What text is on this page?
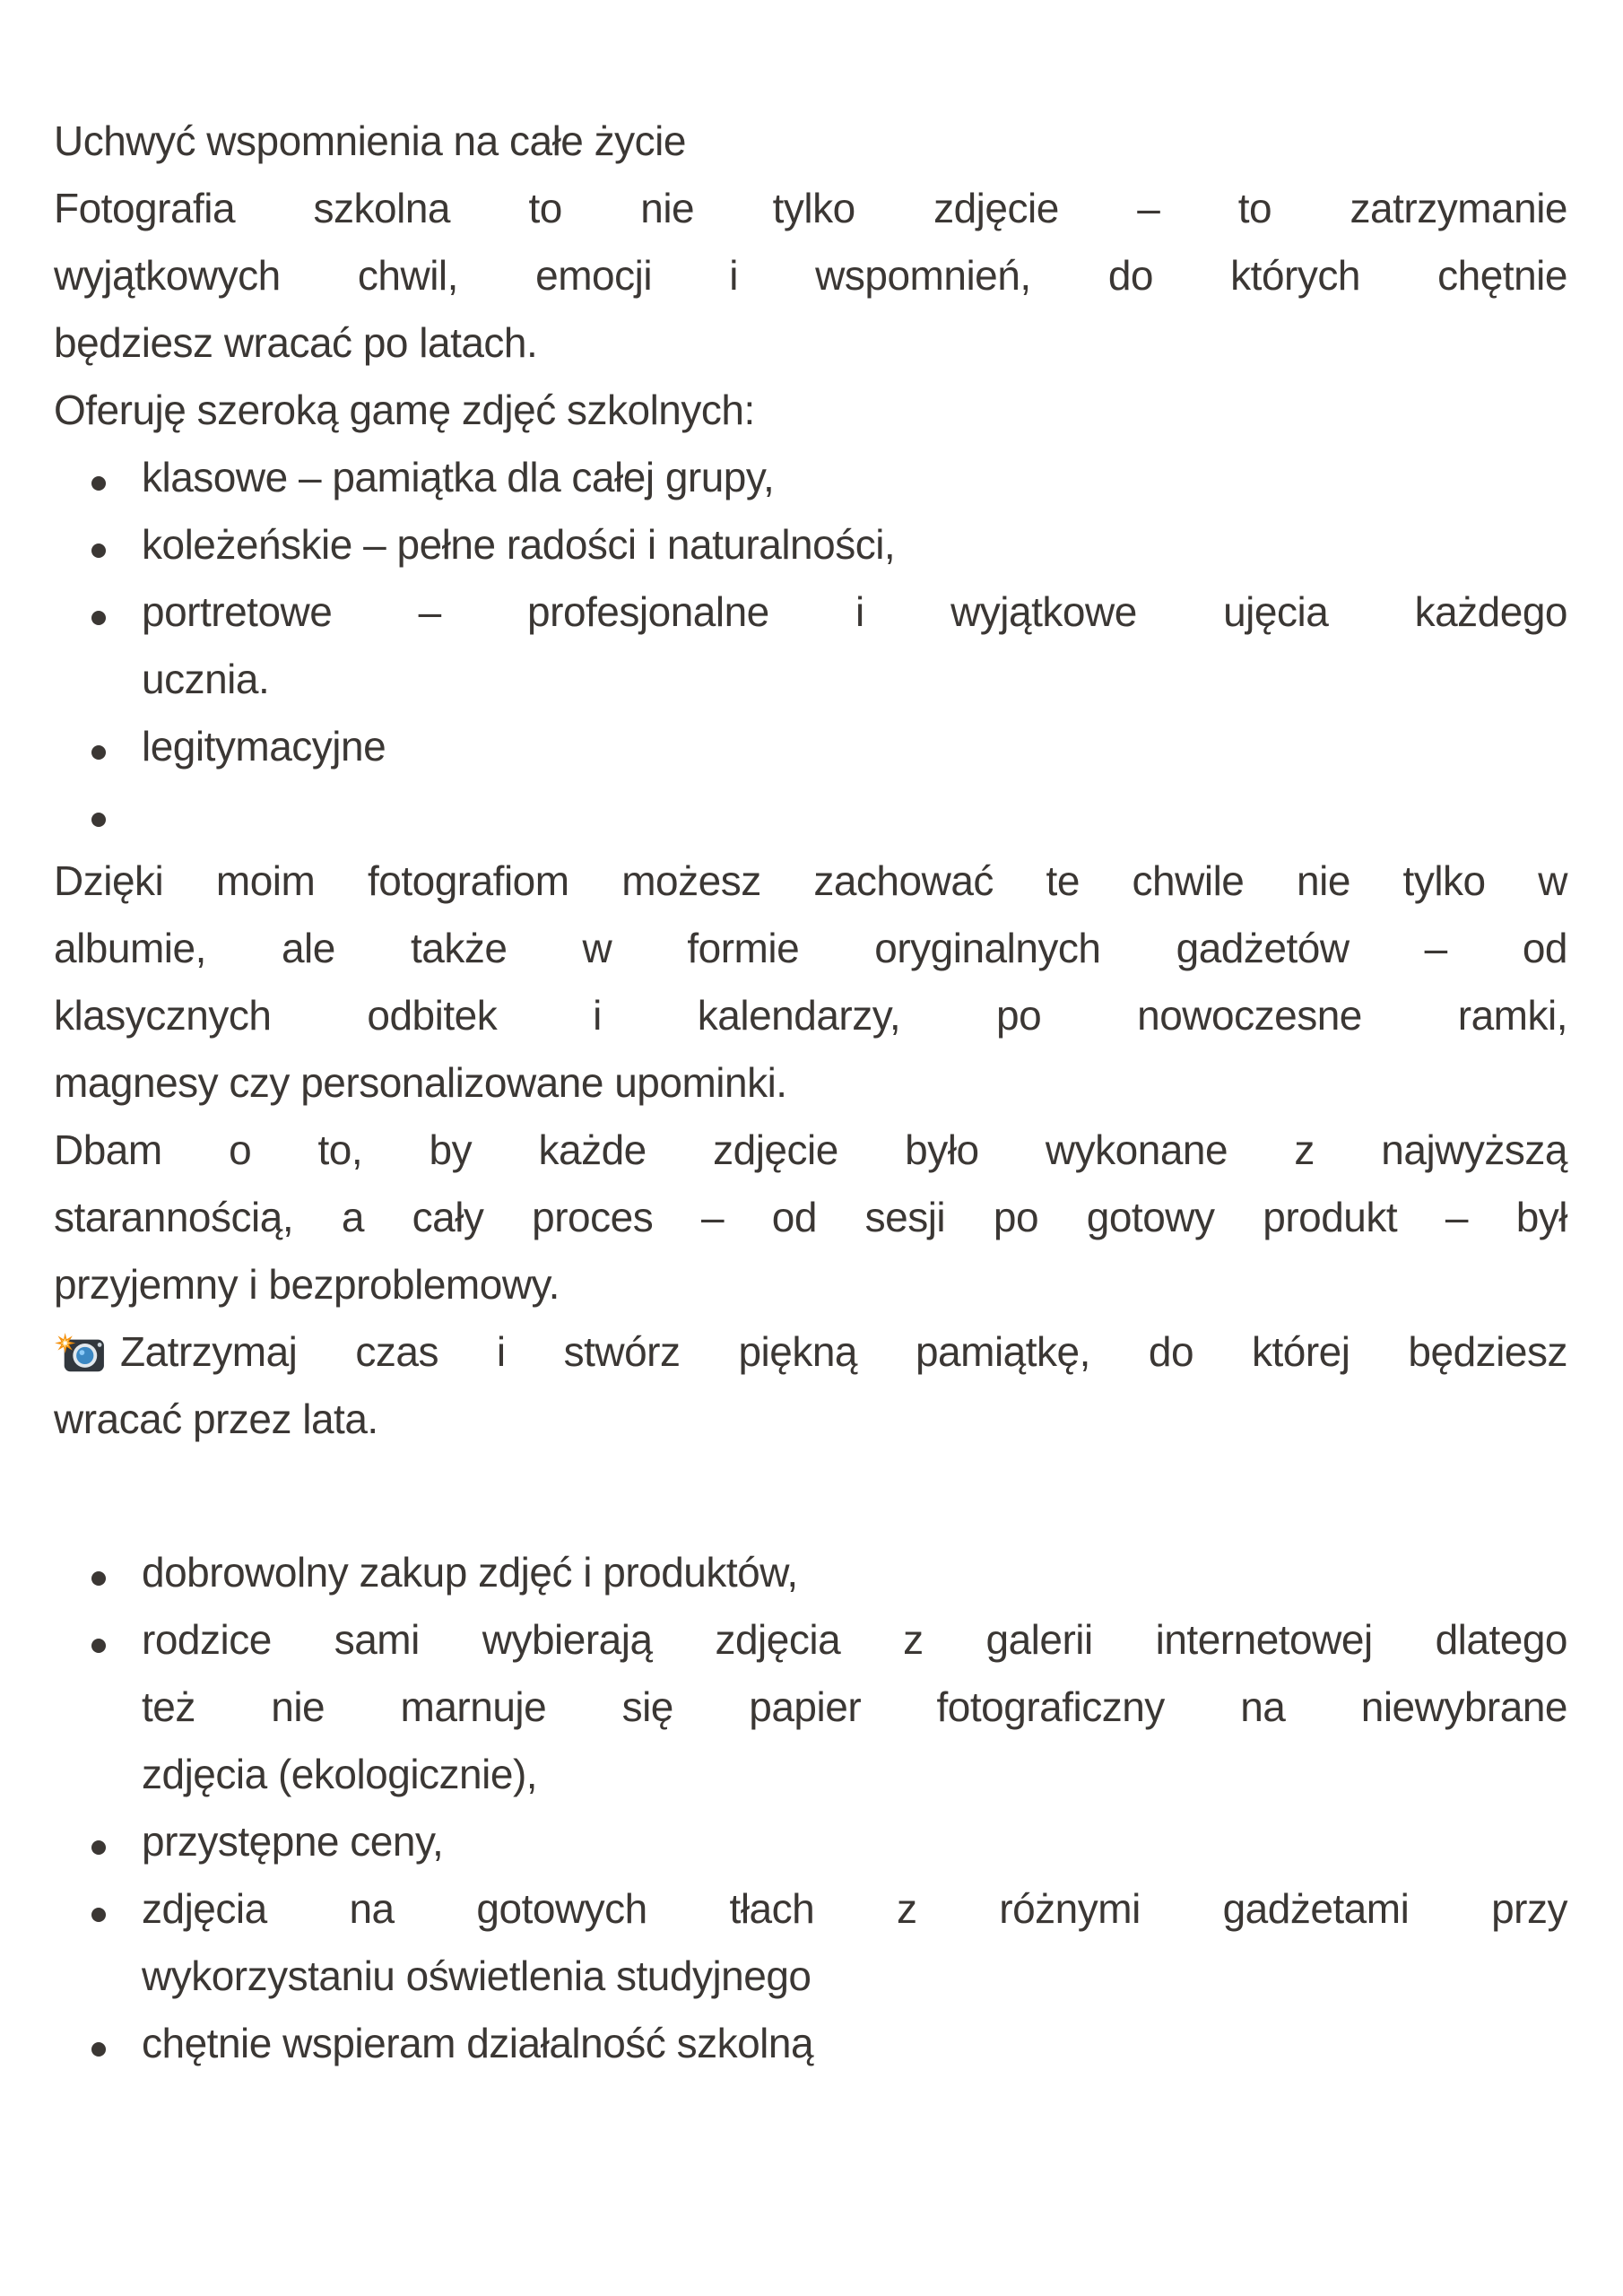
Uchwyć wspomnienia na całe życie
Fotografia szkolna to nie tylko zdjęcie – to zatrzymanie
wyjątkowych chwil, emocji i wspomnień, do których chętnie
będziesz wracać po latach.
Oferuję szeroką gamę zdjęć szkolnych:
klasowe – pamiątka dla całej grupy,
koleżeńskie – pełne radości i naturalności,
portretowe – profesjonalne i wyjątkowe ujęcia każdego
ucznia.
legitymacyjne
Dzięki moim fotografiom możesz zachować te chwile nie tylko w
albumie, ale także w formie oryginalnych gadżetów – od
klasycznych odbitek i kalendarzy, po nowoczesne ramki,
magnesy czy personalizowane upominki.
Dbam o to, by każde zdjęcie było wykonane z najwyższą
starannością, a cały proces – od sesji po gotowy produkt – był
przyjemny i bezproblemowy.
Zatrzymaj czas i stwórz piękną pamiątkę, do której będziesz
wracać przez lata.
dobrowolny zakup zdjęć i produktów,
rodzice sami wybierają zdjęcia z galerii internetowej dlatego
też nie marnuje się papier fotograficzny na niewybrane
zdjęcia (ekologicznie),
przystępne ceny,
zdjęcia na gotowych tłach z różnymi gadżetami przy
wykorzystaniu oświetlenia studyjnego
chętnie wspieram działalność szkolną
